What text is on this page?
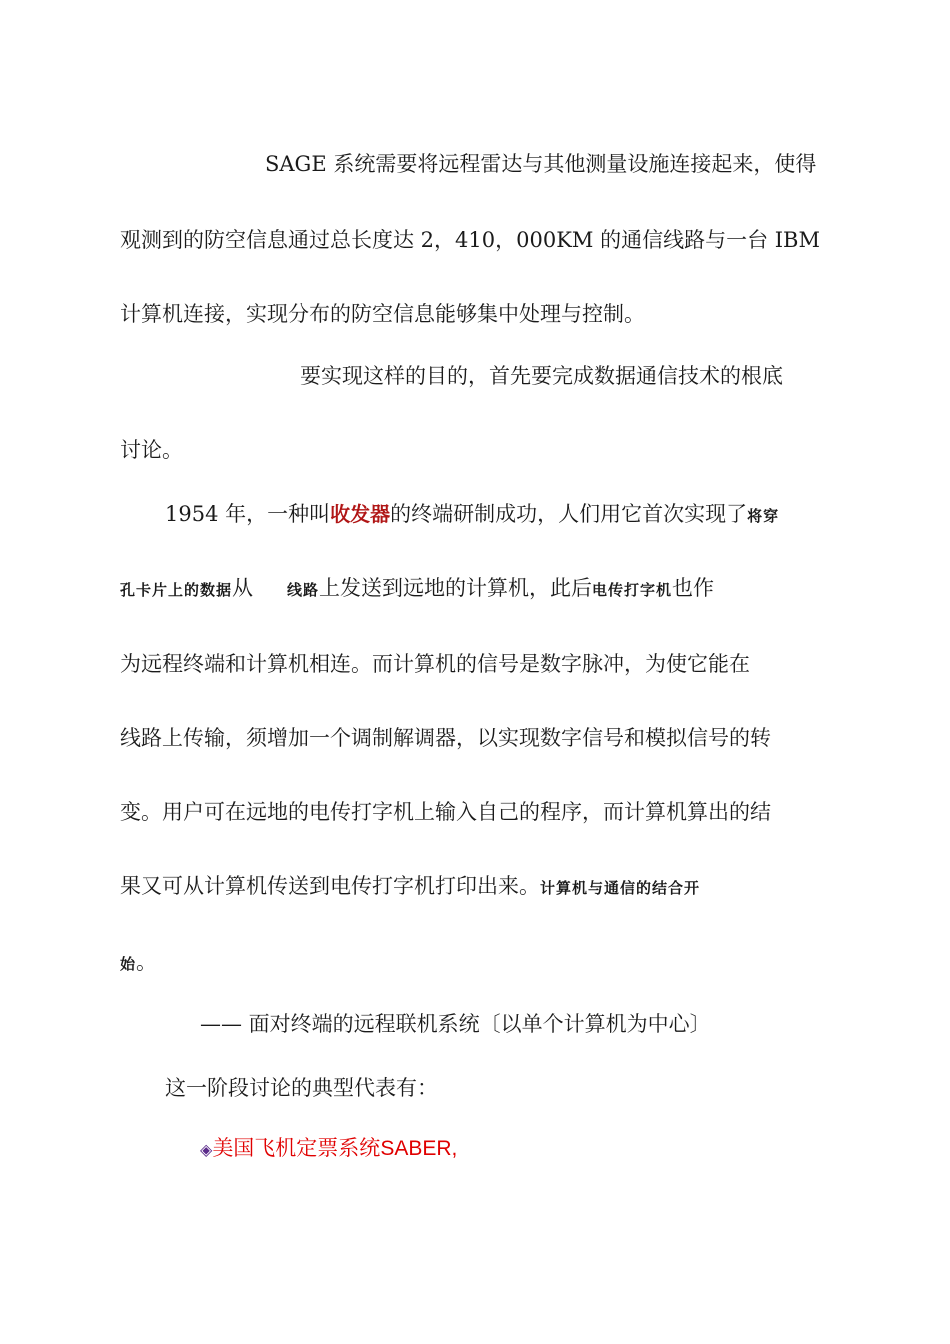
SAGE 系统需要将远程雷达与其他测量设施连接起来，使得
观测到的防空信息通过总长度达 2，410，000KM 的通信线路与一台 IBM
计算机连接，实现分布的防空信息能够集中处理与控制。
要实现这样的目的，首先要完成数据通信技术的根底
讨论。
1954 年，一种叫收发器的终端研制成功，人们用它首次实现了将穿
孔卡片上的数据从 线路上发送到远地的计算机，此后电传打字机也作
为远程终端和计算机相连。而计算机的信号是数字脉冲，为使它能在
线路上传输，须增加一个调制解调器，以实现数字信号和模拟信号的转
变。用户可在远地的电传打字机上输入自己的程序，而计算机算出的结
果又可从计算机传送到电传打字机打印出来。计算机与通信的结合开
始。
—— 面对终端的远程联机系统〔以单个计算机为中心〕
这一阶段讨论的典型代表有：
◈美国飞机定票系统SABER,
